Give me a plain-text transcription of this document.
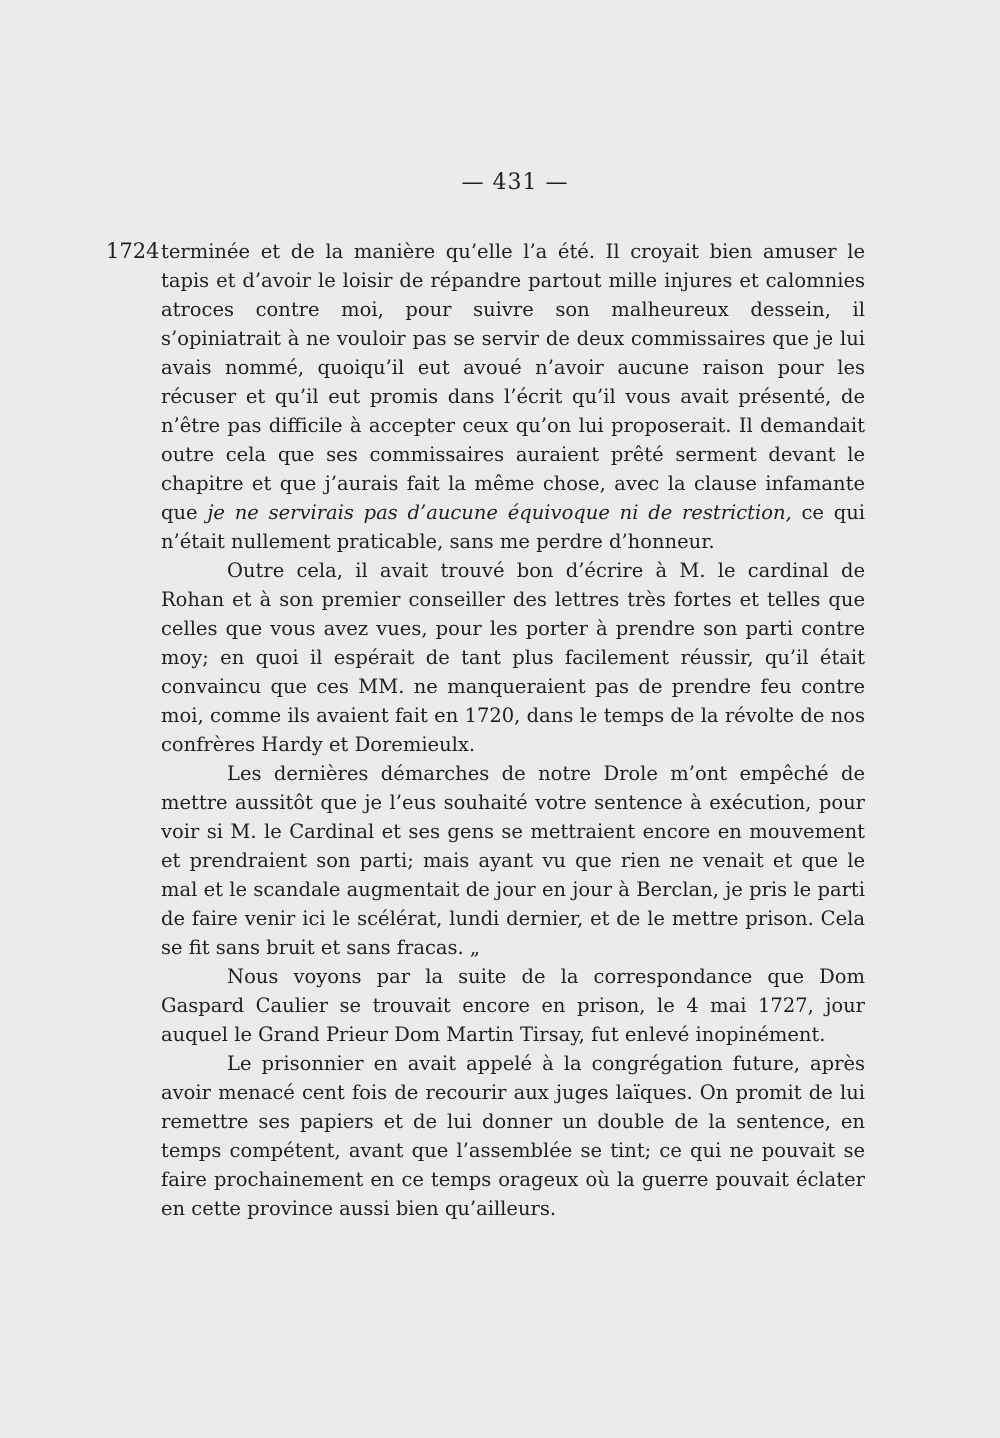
— 431 —
1724 terminée et de la manière qu’elle l’a été. Il croyait bien amuser le tapis et d’avoir le loisir de répandre partout mille injures et calomnies atroces contre moi, pour suivre son malheureux dessein, il s’opiniatrait à ne vouloir pas se servir de deux commissaires que je lui avais nommé, quoiqu’il eut avoué n’avoir aucune raison pour les récuser et qu’il eut promis dans l’écrit qu’il vous avait présenté, de n’être pas difficile à accepter ceux qu’on lui proposerait. Il demandait outre cela que ses commissaires auraient prêté serment devant le chapitre et que j’aurais fait la même chose, avec la clause infamante que je ne servirais pas d’aucune équivoque ni de restriction, ce qui n’était nullement praticable, sans me perdre d’honneur.

Outre cela, il avait trouvé bon d’écrire à M. le cardinal de Rohan et à son premier conseiller des lettres très fortes et telles que celles que vous avez vues, pour les porter à prendre son parti contre moy; en quoi il espérait de tant plus facilement réussir, qu’il était convaincu que ces MM. ne manqueraient pas de prendre feu contre moi, comme ils avaient fait en 1720, dans le temps de la révolte de nos confrères Hardy et Doremieulx.

Les dernières démarches de notre Drole m’ont empêché de mettre aussitôt que je l’eus souhaité votre sentence à exécution, pour voir si M. le Cardinal et ses gens se mettraient encore en mouvement et prendraient son parti; mais ayant vu que rien ne venait et que le mal et le scandale augmentait de jour en jour à Berclan, je pris le parti de faire venir ici le scélérat, lundi dernier, et de le mettre prison. Cela se fit sans bruit et sans fracas. „

Nous voyons par la suite de la correspondance que Dom Gaspard Caulier se trouvait encore en prison, le 4 mai 1727, jour auquel le Grand Prieur Dom Martin Tirsay, fut enlevé inopinément.

Le prisonnier en avait appelé à la congrégation future, après avoir menacé cent fois de recourir aux juges laïques. On promit de lui remettre ses papiers et de lui donner un double de la sentence, en temps compétent, avant que l’assemblée se tint; ce qui ne pouvait se faire prochainement en ce temps orageux où la guerre pouvait éclater en cette province aussi bien qu’ailleurs.
